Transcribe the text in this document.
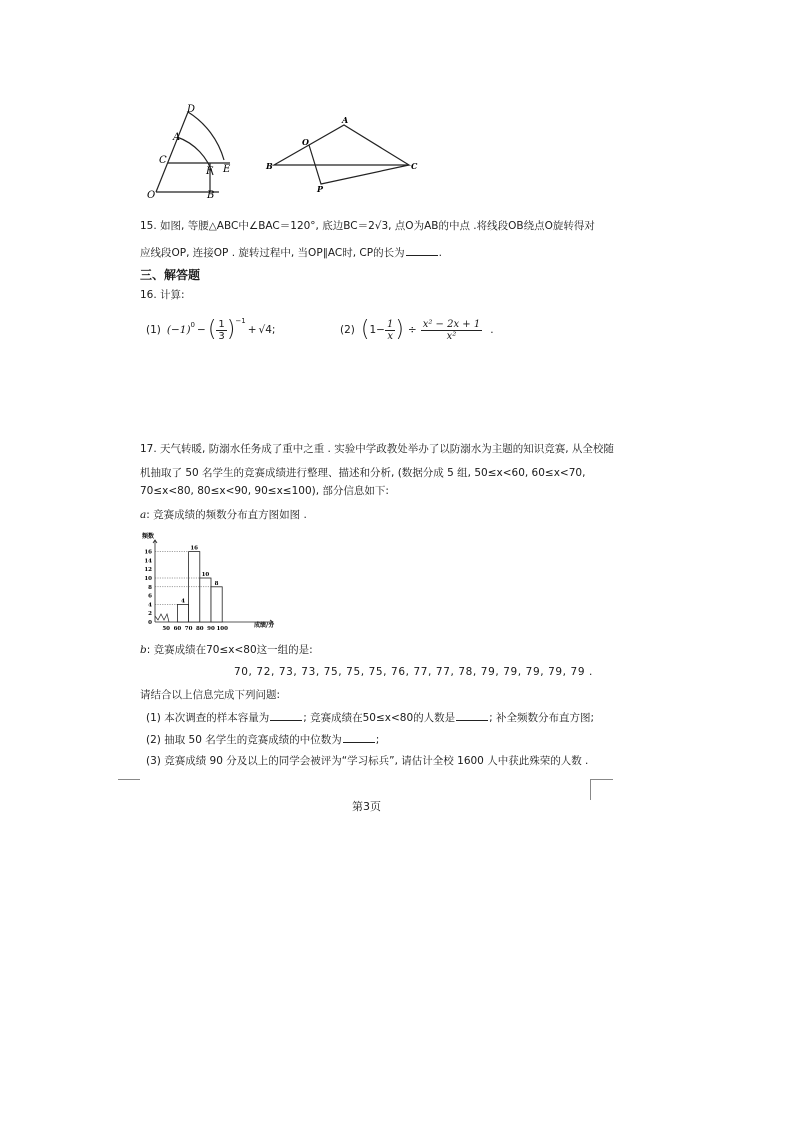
D
A
C
F E
O	B
A
O
B	C
P
15. 如图, 等腰△ABC中∠BAC＝120°, 底边BC＝2√3, 点O为AB的中点 .将线段OB绕点O旋转得对
应线段OP, 连接OP . 旋转过程中, 当OP∥AC时, CP的长为	.
三、解答题
16. 计算:
(1) $(-1)^0$ − ( $\frac{1}{3} )^{-1}$
+ √4 ;	(2) ( $1- \frac{1}{x}$ ) ÷ $\frac{\text{x² − 2x + 1}}{\text{x²}}$ .
17. 天气转暖, 防溺水任务成了重中之重 . 实验中学政教处举办了以防溺水为主题的知识竞赛, 从全校随
机抽取了 50 名学生的竞赛成绩进行整理、描述和分析, (数据分成 5 组, 50≤x<60, 60≤x<70,
70≤x<80, 80≤x<90, 90≤x≤100), 部分信息如下:
a: 竞赛成绩的频数分布直方图如图 .
频数
成绩/分
0
2
4
6
8
10
12
14
16
50 60 70 80 90 100
4
16
10
8
b: 竞赛成绩在70≤x<80这一组的是:
70, 72, 73, 73, 75, 75, 75, 76, 77, 77, 78, 79, 79, 79, 79, 79 .
请结合以上信息完成下列问题:
(1) 本次调查的样本容量为	; 竞赛成绩在50≤x<80的人数是	; 补全频数分布直方图;
(2) 抽取 50 名学生的竞赛成绩的中位数为	;
(3) 竞赛成绩 90 分及以上的同学会被评为“学习标兵”, 请估计全校 1600 人中获此殊荣的人数 .
第3页
